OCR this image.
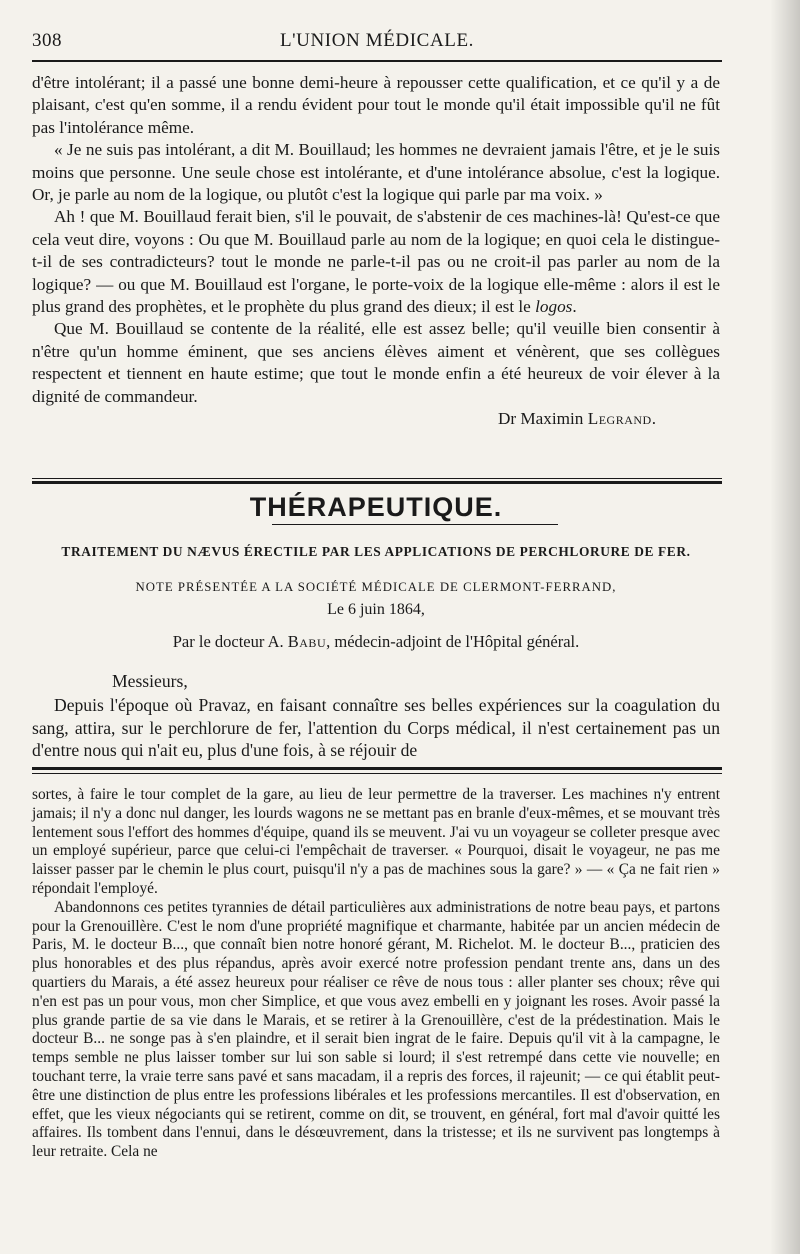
308	L'UNION MÉDICALE.

d'être intolérant; il a passé une bonne demi-heure à repousser cette qualification, et ce qu'il y a de plaisant, c'est qu'en somme, il a rendu évident pour tout le monde qu'il était impossible qu'il ne fût pas l'intolérance même.

« Je ne suis pas intolérant, a dit M. Bouillaud; les hommes ne devraient jamais l'être, et je le suis moins que personne. Une seule chose est intolérante, et d'une intolérance absolue, c'est la logique. Or, je parle au nom de la logique, ou plutôt c'est la logique qui parle par ma voix. »

Ah ! que M. Bouillaud ferait bien, s'il le pouvait, de s'abstenir de ces machines-là! Qu'est-ce que cela veut dire, voyons : Ou que M. Bouillaud parle au nom de la logique; en quoi cela le distingue-t-il de ses contradicteurs? tout le monde ne parle-t-il pas ou ne croit-il pas parler au nom de la logique? — ou que M. Bouillaud est l'organe, le porte-voix de la logique elle-même : alors il est le plus grand des prophètes, et le prophète du plus grand des dieux; il est le logos.

Que M. Bouillaud se contente de la réalité, elle est assez belle; qu'il veuille bien consentir à n'être qu'un homme éminent, que ses anciens élèves aiment et vénèrent, que ses collègues respectent et tiennent en haute estime; que tout le monde enfin a été heureux de voir élever à la dignité de commandeur.

Dr Maximin Legrand.

THÉRAPEUTIQUE.
TRAITEMENT DU NÆVUS ÉRECTILE PAR LES APPLICATIONS DE PERCHLORURE DE FER.
NOTE PRÉSENTÉE A LA SOCIÉTÉ MÉDICALE DE CLERMONT-FERRAND,
Le 6 juin 1864,
Par le docteur A. Babu, médecin-adjoint de l'Hôpital général.

Messieurs,

Depuis l'époque où Pravaz, en faisant connaître ses belles expériences sur la coagulation du sang, attira, sur le perchlorure de fer, l'attention du Corps médical, il n'est certainement pas un d'entre nous qui n'ait eu, plus d'une fois, à se réjouir de

sortes, à faire le tour complet de la gare, au lieu de leur permettre de la traverser. Les machines n'y entrent jamais; il n'y a donc nul danger, les lourds wagons ne se mettant pas en branle d'eux-mêmes, et se mouvant très lentement sous l'effort des hommes d'équipe, quand ils se meuvent. J'ai vu un voyageur se colleter presque avec un employé supérieur, parce que celui-ci l'empêchait de traverser. « Pourquoi, disait le voyageur, ne pas me laisser passer par le chemin le plus court, puisqu'il n'y a pas de machines sous la gare? » — « Ça ne fait rien » répondait l'employé.

Abandonnons ces petites tyrannies de détail particulières aux administrations de notre beau pays, et partons pour la Grenouillère. C'est le nom d'une propriété magnifique et charmante, habitée par un ancien médecin de Paris, M. le docteur B..., que connaît bien notre honoré gérant, M. Richelot. M. le docteur B..., praticien des plus honorables et des plus répandus, après avoir exercé notre profession pendant trente ans, dans un des quartiers du Marais, a été assez heureux pour réaliser ce rêve de nous tous : aller planter ses choux; rêve qui n'en est pas un pour vous, mon cher Simplice, et que vous avez embelli en y joignant les roses. Avoir passé la plus grande partie de sa vie dans le Marais, et se retirer à la Grenouillère, c'est de la prédestination. Mais le docteur B... ne songe pas à s'en plaindre, et il serait bien ingrat de le faire. Depuis qu'il vit à la campagne, le temps semble ne plus laisser tomber sur lui son sable si lourd; il s'est retrempé dans cette vie nouvelle; en touchant terre, la vraie terre sans pavé et sans macadam, il a repris des forces, il rajeunit; — ce qui établit peut-être une distinction de plus entre les professions libérales et les professions mercantiles. Il est d'observation, en effet, que les vieux négociants qui se retirent, comme on dit, se trouvent, en général, fort mal d'avoir quitté les affaires. Ils tombent dans l'ennui, dans le désœuvrement, dans la tristesse; et ils ne survivent pas longtemps à leur retraite. Cela ne
